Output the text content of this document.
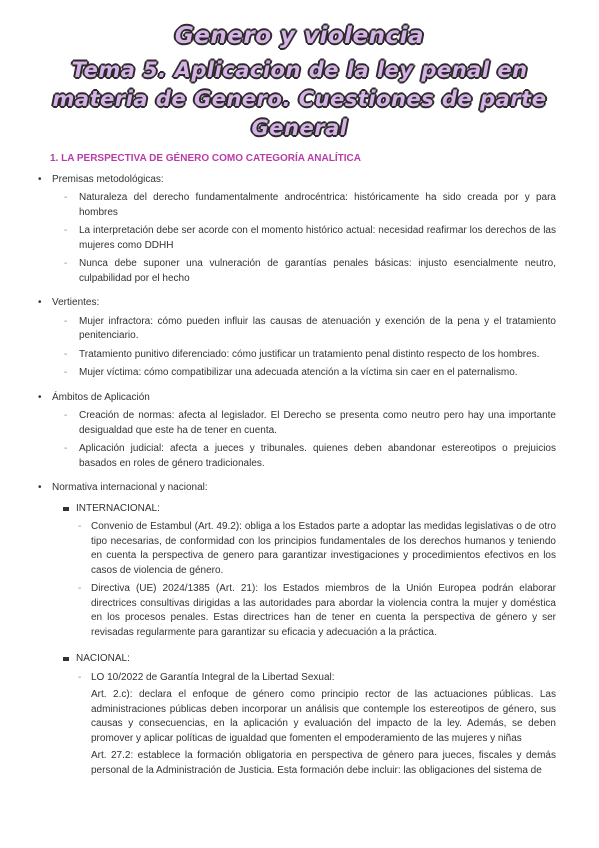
Genero y violencia
Tema 5. Aplicacion de la ley penal en materia de Genero. Cuestiones de parte General
1. LA PERSPECTIVA DE GÉNERO COMO CATEGORÍA ANALÍTICA
• Premisas metodológicas:
- Naturaleza del derecho fundamentalmente androcéntrica: históricamente ha sido creada por y para hombres
- La interpretación debe ser acorde con el momento histórico actual: necesidad reafirmar los derechos de las mujeres como DDHH
- Nunca debe suponer una vulneración de garantías penales básicas: injusto esencialmente neutro, culpabilidad por el hecho
• Vertientes:
- Mujer infractora: cómo pueden influir las causas de atenuación y exención de la pena y el tratamiento penitenciario.
- Tratamiento punitivo diferenciado: cómo justificar un tratamiento penal distinto respecto de los hombres.
- Mujer víctima: cómo compatibilizar una adecuada atención a la víctima sin caer en el paternalismo.
• Ámbitos de Aplicación
- Creación de normas: afecta al legislador. El Derecho se presenta como neutro pero hay una importante desigualdad que este ha de tener en cuenta.
- Aplicación judicial: afecta a jueces y tribunales. quienes deben abandonar estereotipos o prejuicios basados en roles de género tradicionales.
• Normativa internacional y nacional:
INTERNACIONAL:
- Convenio de Estambul (Art. 49.2): obliga a los Estados parte a adoptar las medidas legislativas o de otro tipo necesarias, de conformidad con los principios fundamentales de los derechos humanos y teniendo en cuenta la perspectiva de genero para garantizar investigaciones y procedimientos efectivos en los casos de violencia de género.
- Directiva (UE) 2024/1385 (Art. 21): los Estados miembros de la Unión Europea podrán elaborar directrices consultivas dirigidas a las autoridades para abordar la violencia contra la mujer y doméstica en los procesos penales. Estas directrices han de tener en cuenta la perspectiva de género y ser revisadas regularmente para garantizar su eficacia y adecuación a la práctica.
NACIONAL:
- LO 10/2022 de Garantía Integral de la Libertad Sexual:
Art. 2.c): declara el enfoque de género como principio rector de las actuaciones públicas. Las administraciones públicas deben incorporar un análisis que contemple los estereotipos de género, sus causas y consecuencias, en la aplicación y evaluación del impacto de la ley. Además, se deben promover y aplicar políticas de igualdad que fomenten el empoderamiento de las mujeres y niñas
Art. 27.2: establece la formación obligatoria en perspectiva de género para jueces, fiscales y demás personal de la Administración de Justicia. Esta formación debe incluir: las obligaciones del sistema de
